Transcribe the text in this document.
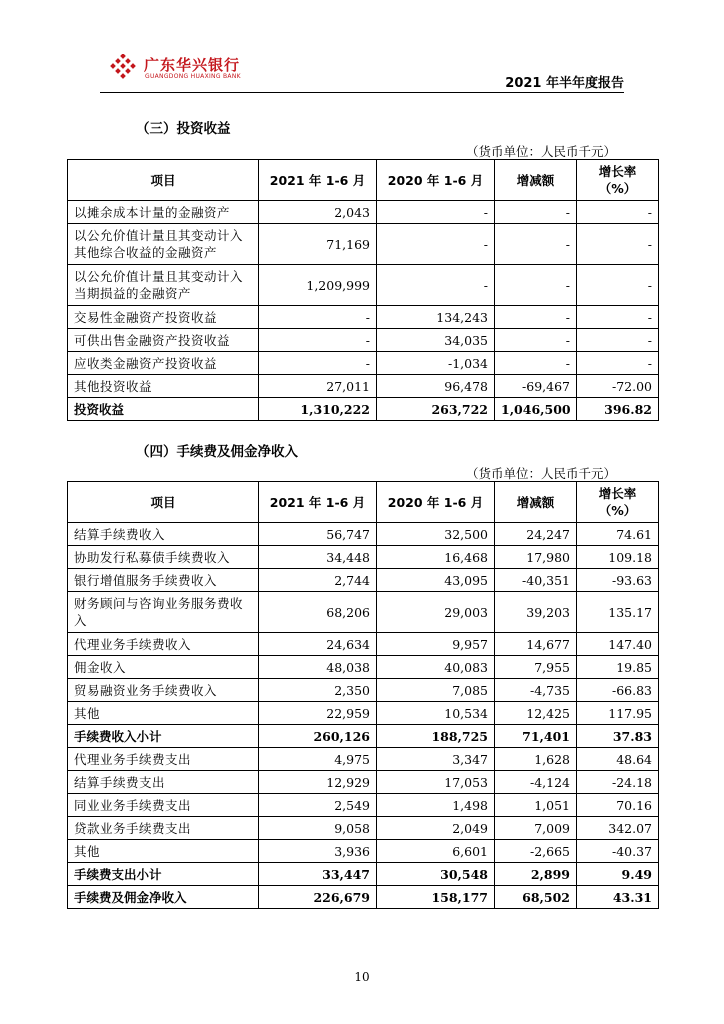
广东华兴银行
GUANGDONG HUAXING BANK	2021 年半年度报告
（三）投资收益
（货币单位：人民币千元）
项目	2021 年 1-6 月	2020 年 1-6 月	增减额	增长率
（%）
以摊余成本计量的金融资产	2,043	-	-	-
以公允价值计量且其变动计入其他综合收益的金融资产	71,169	-	-	-
以公允价值计量且其变动计入当期损益的金融资产	1,209,999	-	-	-
交易性金融资产投资收益	-	134,243	-	-
可供出售金融资产投资收益	-	34,035	-	-
应收类金融资产投资收益	-	-1,034	-	-
其他投资收益	27,011	96,478	-69,467	-72.00
投资收益	1,310,222	263,722	1,046,500	396.82
（四）手续费及佣金净收入
（货币单位：人民币千元）
项目	2021 年 1-6 月	2020 年 1-6 月	增减额	增长率
（%）
结算手续费收入	56,747	32,500	24,247	74.61
协助发行私募债手续费收入	34,448	16,468	17,980	109.18
银行增值服务手续费收入	2,744	43,095	-40,351	-93.63
财务顾问与咨询业务服务费收入	68,206	29,003	39,203	135.17
代理业务手续费收入	24,634	9,957	14,677	147.40
佣金收入	48,038	40,083	7,955	19.85
贸易融资业务手续费收入	2,350	7,085	-4,735	-66.83
其他	22,959	10,534	12,425	117.95
手续费收入小计	260,126	188,725	71,401	37.83
代理业务手续费支出	4,975	3,347	1,628	48.64
结算手续费支出	12,929	17,053	-4,124	-24.18
同业业务手续费支出	2,549	1,498	1,051	70.16
贷款业务手续费支出	9,058	2,049	7,009	342.07
其他	3,936	6,601	-2,665	-40.37
手续费支出小计	33,447	30,548	2,899	9.49
手续费及佣金净收入	226,679	158,177	68,502	43.31
10
